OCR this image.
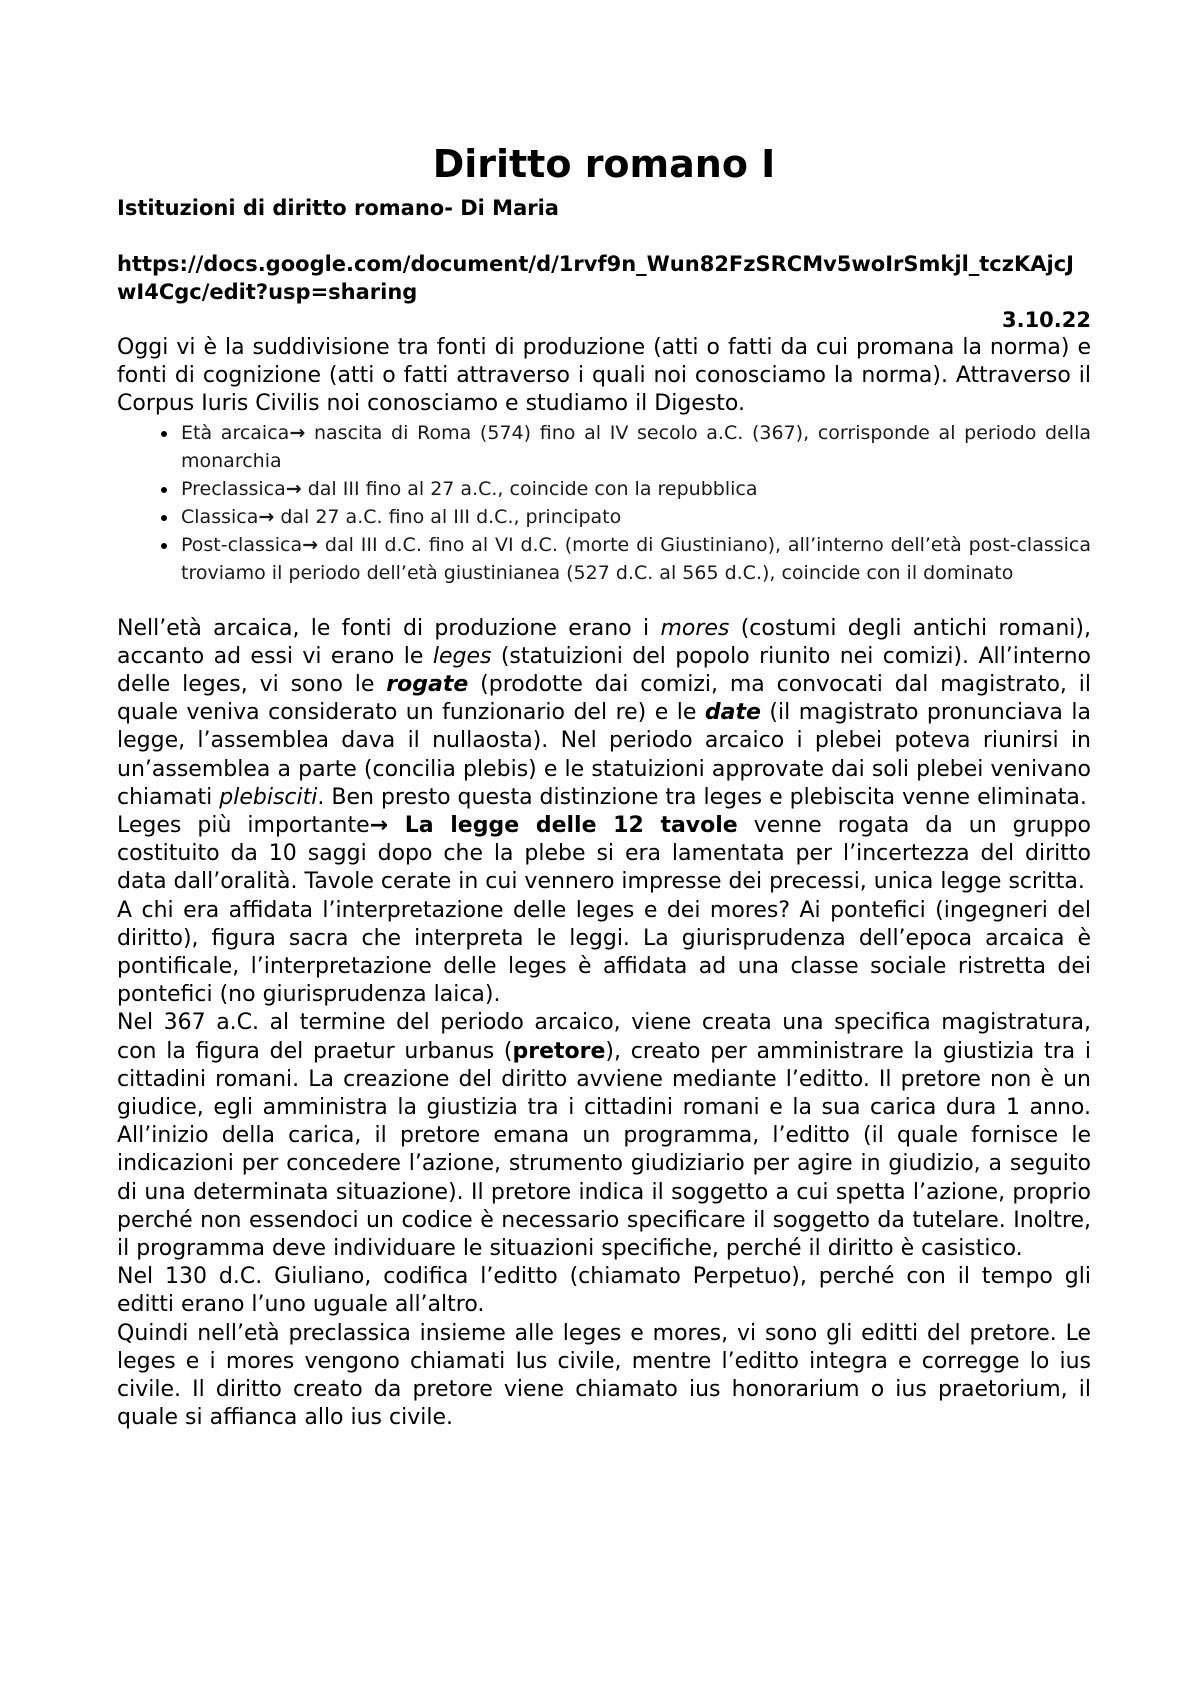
Diritto romano I
Istituzioni di diritto romano- Di Maria
https://docs.google.com/document/d/1rvf9n_Wun82FzSRCMv5woIrSmkjl_tczKAjcJwI4Cgc/edit?usp=sharing
3.10.22

Oggi vi è la suddivisione tra fonti di produzione (atti o fatti da cui promana la norma) e fonti di cognizione (atti o fatti attraverso i quali noi conosciamo la norma). Attraverso il Corpus Iuris Civilis noi conosciamo e studiamo il Digesto.

• Età arcaica→ nascita di Roma (574) fino al IV secolo a.C. (367), corrisponde al periodo della monarchia
• Preclassica→ dal III fino al 27 a.C., coincide con la repubblica
• Classica→ dal 27 a.C. fino al III d.C., principato
• Post-classica→ dal III d.C. fino al VI d.C. (morte di Giustiniano), all’interno dell’età post-classica troviamo il periodo dell’età giustinianea (527 d.C. al 565 d.C.), coincide con il dominato

Nell’età arcaica, le fonti di produzione erano i mores (costumi degli antichi romani), accanto ad essi vi erano le leges (statuizioni del popolo riunito nei comizi). All’interno delle leges, vi sono le rogate (prodotte dai comizi, ma convocati dal magistrato, il quale veniva considerato un funzionario del re) e le date (il magistrato pronunciava la legge, l’assemblea dava il nullaosta). Nel periodo arcaico i plebei poteva riunirsi in un’assemblea a parte (concilia plebis) e le statuizioni approvate dai soli plebei venivano chiamati plebisciti. Ben presto questa distinzione tra leges e plebiscita venne eliminata.

Leges più importante→ La legge delle 12 tavole venne rogata da un gruppo costituito da 10 saggi dopo che la plebe si era lamentata per l’incertezza del diritto data dall’oralità. Tavole cerate in cui vennero impresse dei precessi, unica legge scritta.

A chi era affidata l’interpretazione delle leges e dei mores? Ai pontefici (ingegneri del diritto), figura sacra che interpreta le leggi. La giurisprudenza dell’epoca arcaica è pontificale, l’interpretazione delle leges è affidata ad una classe sociale ristretta dei pontefici (no giurisprudenza laica).

Nel 367 a.C. al termine del periodo arcaico, viene creata una specifica magistratura, con la figura del praetur urbanus (pretore), creato per amministrare la giustizia tra i cittadini romani. La creazione del diritto avviene mediante l’editto. Il pretore non è un giudice, egli amministra la giustizia tra i cittadini romani e la sua carica dura 1 anno. All’inizio della carica, il pretore emana un programma, l’editto (il quale fornisce le indicazioni per concedere l’azione, strumento giudiziario per agire in giudizio, a seguito di una determinata situazione). Il pretore indica il soggetto a cui spetta l’azione, proprio perché non essendoci un codice è necessario specificare il soggetto da tutelare. Inoltre, il programma deve individuare le situazioni specifiche, perché il diritto è casistico.

Nel 130 d.C. Giuliano, codifica l’editto (chiamato Perpetuo), perché con il tempo gli editti erano l’uno uguale all’altro.

Quindi nell’età preclassica insieme alle leges e mores, vi sono gli editti del pretore. Le leges e i mores vengono chiamati Ius civile, mentre l’editto integra e corregge lo ius civile. Il diritto creato da pretore viene chiamato ius honorarium o ius praetorium, il quale si affianca allo ius civile.
